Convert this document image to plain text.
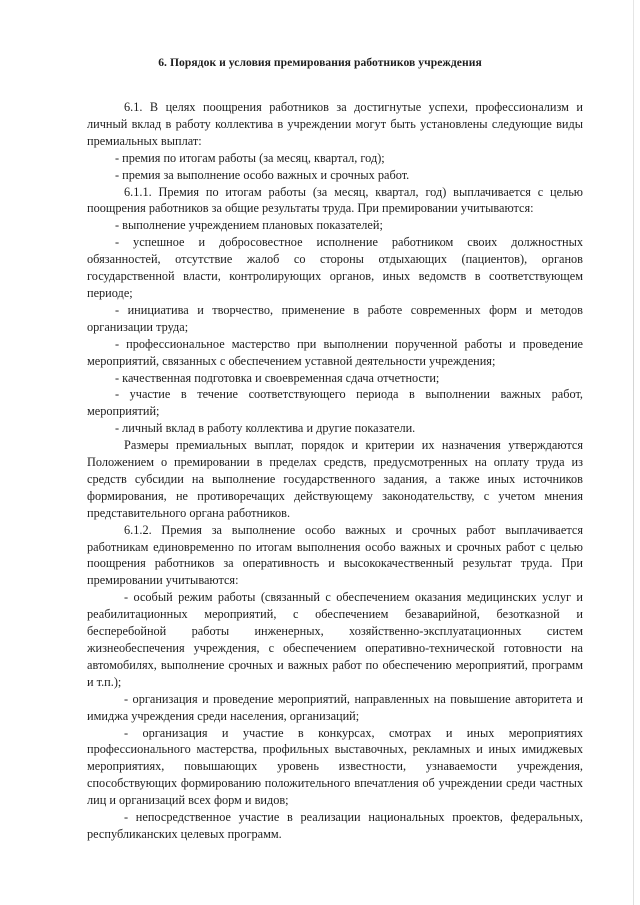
6. Порядок и условия премирования работников учреждения

6.1. В целях поощрения работников за достигнутые успехи, профессионализм и личный вклад в работу коллектива в учреждении могут быть установлены следующие виды премиальных выплат:

- премия по итогам работы (за месяц, квартал, год);

- премия за выполнение особо важных и срочных работ.

6.1.1. Премия по итогам работы (за месяц, квартал, год) выплачивается с целью поощрения работников за общие результаты труда. При премировании учитываются:

- выполнение учреждением плановых показателей;

- успешное и добросовестное исполнение работником своих должностных обязанностей, отсутствие жалоб со стороны отдыхающих (пациентов), органов государственной власти, контролирующих органов, иных ведомств в соответствующем периоде;

- инициатива и творчество, применение в работе современных форм и методов организации труда;

- профессиональное мастерство при выполнении порученной работы и проведение мероприятий, связанных с обеспечением уставной деятельности учреждения;

- качественная подготовка и своевременная сдача отчетности;

- участие в течение соответствующего периода в выполнении важных работ, мероприятий;

- личный вклад в работу коллектива и другие показатели.

Размеры премиальных выплат, порядок и критерии их назначения утверждаются Положением о премировании в пределах средств, предусмотренных на оплату труда из средств субсидии на выполнение государственного задания, а также иных источников формирования, не противоречащих действующему законодательству, с учетом мнения представительного органа работников.

6.1.2. Премия за выполнение особо важных и срочных работ выплачивается работникам единовременно по итогам выполнения особо важных и срочных работ с целью поощрения работников за оперативность и высококачественный результат труда. При премировании учитываются:

- особый режим работы (связанный с обеспечением оказания медицинских услуг и реабилитационных мероприятий, с обеспечением безаварийной, безотказной и бесперебойной работы инженерных, хозяйственно-эксплуатационных систем жизнеобеспечения учреждения, с обеспечением оперативно-технической готовности на автомобилях, выполнение срочных и важных работ по обеспечению мероприятий, программ и т.п.);

- организация и проведение мероприятий, направленных на повышение авторитета и имиджа учреждения среди населения, организаций;

- организация и участие в конкурсах, смотрах и иных мероприятиях профессионального мастерства, профильных выставочных, рекламных и иных имиджевых мероприятиях, повышающих уровень известности, узнаваемости учреждения, способствующих формированию положительного впечатления об учреждении среди частных лиц и организаций всех форм и видов;

- непосредственное участие в реализации национальных проектов, федеральных, республиканских целевых программ.
